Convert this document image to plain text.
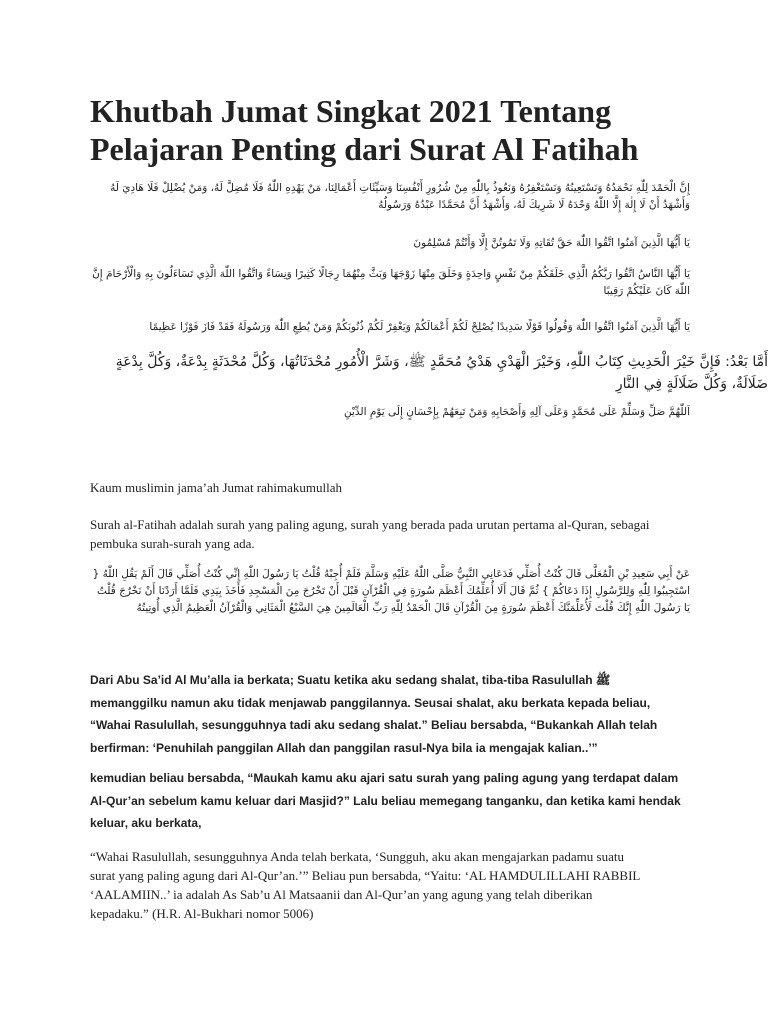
Khutbah Jumat Singkat 2021 Tentang Pelajaran Penting dari Surat Al Fatihah
إِنَّ الْحَمْدَ لِلّٰهِ نَحْمَدُهُ وَنَسْتَعِينُهُ وَنَسْتَغْفِرُهُ وَنَعُوذُ بِاللّٰهِ مِنْ شُرُورِ أَنْفُسِنَا وَسَيِّئَاتِ أَعْمَالِنَا، مَنْ يَهْدِهِ اللّٰهُ فَلَا مُضِلَّ لَهُ، وَمَنْ يُضْلِلْ فَلَا هَادِيَ لَهُ وَأَشْهَدُ أَنْ لَا إِلٰهَ إِلَّا اللّٰهُ وَحْدَهُ لَا شَرِيكَ لَهُ، وَأَشْهَدُ أَنَّ مُحَمَّدًا عَبْدُهُ وَرَسُولُهُ
يَا أَيُّهَا الَّذِينَ آمَنُوا اتَّقُوا اللّٰهَ حَقَّ تُقَاتِهِ وَلَا تَمُوتُنَّ إِلَّا وَأَنْتُمْ مُسْلِمُونَ
يَا أَيُّهَا النَّاسُ اتَّقُوا رَبَّكُمُ الَّذِي خَلَقَكُمْ مِنْ نَفْسٍ وَاحِدَةٍ وَخَلَقَ مِنْهَا زَوْجَهَا وَبَثَّ مِنْهُمَا رِجَالًا كَثِيرًا وَنِسَاءً وَاتَّقُوا اللّٰهَ الَّذِي تَسَاءَلُونَ بِهِ وَالْأَرْحَامَ إِنَّ اللّٰهَ كَانَ عَلَيْكُمْ رَقِيبًا
يَا أَيُّهَا الَّذِينَ آمَنُوا اتَّقُوا اللّٰهَ وَقُولُوا قَوْلًا سَدِيدًا يُصْلِحْ لَكُمْ أَعْمَالَكُمْ وَيَغْفِرْ لَكُمْ ذُنُوبَكُمْ وَمَنْ يُطِعِ اللّٰهَ وَرَسُولَهُ فَقَدْ فَازَ فَوْزًا عَظِيمًا
أَمَّا بَعْدُ: فَإِنَّ خَيْرَ الْحَدِيثِ كِتَابُ اللّٰهِ، وَخَيْرَ الْهَدْيِ هَدْيُ مُحَمَّدٍ ﷺ، وَشَرَّ الْأُمُورِ مُحْدَثَاتُهَا، وَكُلَّ مُحْدَثَةٍ بِدْعَةٌ، وَكُلَّ بِدْعَةٍ ضَلَالَةٌ، وَكُلَّ ضَلَالَةٍ فِي النَّارِ
اَللّٰهُمَّ صَلِّ وَسَلِّمْ عَلَى مُحَمَّدٍ وَعَلَى آلِهِ وَأَصْحَابِهِ وَمَنْ تَبِعَهُمْ بِإِحْسَانٍ إِلَى يَوْمِ الدِّيْنِ
Kaum muslimin jama’ah Jumat rahimakumullah
Surah al-Fatihah adalah surah yang paling agung, surah yang berada pada urutan pertama al-Quran, sebagai pembuka surah-surah yang ada.
عَنْ أَبِي سَعِيدِ بْنِ الْمُعَلَّى قَالَ كُنْتُ أُصَلِّي فَدَعَانِي النَّبِيُّ صَلَّى اللّٰهُ عَلَيْهِ وَسَلَّمَ فَلَمْ أُجِبْهُ قُلْتُ يَا رَسُولَ اللّٰهِ إِنِّي كُنْتُ أُصَلِّي قَالَ أَلَمْ يَقُلِ اللّٰهُ { اسْتَجِيبُوا لِلّٰهِ وَلِلرَّسُولِ إِذَا دَعَاكُمْ } ثُمَّ قَالَ أَلَا أُعَلِّمُكَ أَعْظَمَ سُورَةٍ فِي الْقُرْآنِ قَبْلَ أَنْ تَخْرُجَ مِنَ الْمَسْجِدِ فَأَخَذَ بِيَدِي فَلَمَّا أَرَدْنَا أَنْ نَخْرُجَ قُلْتُ يَا رَسُولَ اللّٰهِ إِنَّكَ قُلْتَ لَأُعَلِّمَنَّكَ أَعْظَمَ سُورَةٍ مِنَ الْقُرْآنِ قَالَ الْحَمْدُ لِلّٰهِ رَبِّ الْعَالَمِينَ هِيَ السَّبْعُ الْمَثَانِي وَالْقُرْآنُ الْعَظِيمُ الَّذِي أُوتِيتُهُ
Dari Abu Sa’id Al Mu’alla ia berkata; Suatu ketika aku sedang shalat, tiba-tiba Rasulullah ﷺ memanggilku namun aku tidak menjawab panggilannya. Seusai shalat, aku berkata kepada beliau, “Wahai Rasulullah, sesungguhnya tadi aku sedang shalat.” Beliau bersabda, “Bukankah Allah telah berfirman: ‘Penuhilah panggilan Allah dan panggilan rasul-Nya bila ia mengajak kalian..’”
kemudian beliau bersabda, “Maukah kamu aku ajari satu surah yang paling agung yang terdapat dalam Al-Qur’an sebelum kamu keluar dari Masjid?” Lalu beliau memegang tanganku, dan ketika kami hendak keluar, aku berkata,
“Wahai Rasulullah, sesungguhnya Anda telah berkata, ‘Sungguh, aku akan mengajarkan padamu suatu surat yang paling agung dari Al-Qur’an.’” Beliau pun bersabda, “Yaitu: ‘AL HAMDULILLAHI RABBIL ‘AALAMIIN..’ ia adalah As Sab’u Al Matsaanii dan Al-Qur’an yang agung yang telah diberikan kepadaku.” (H.R. Al-Bukhari nomor 5006)
